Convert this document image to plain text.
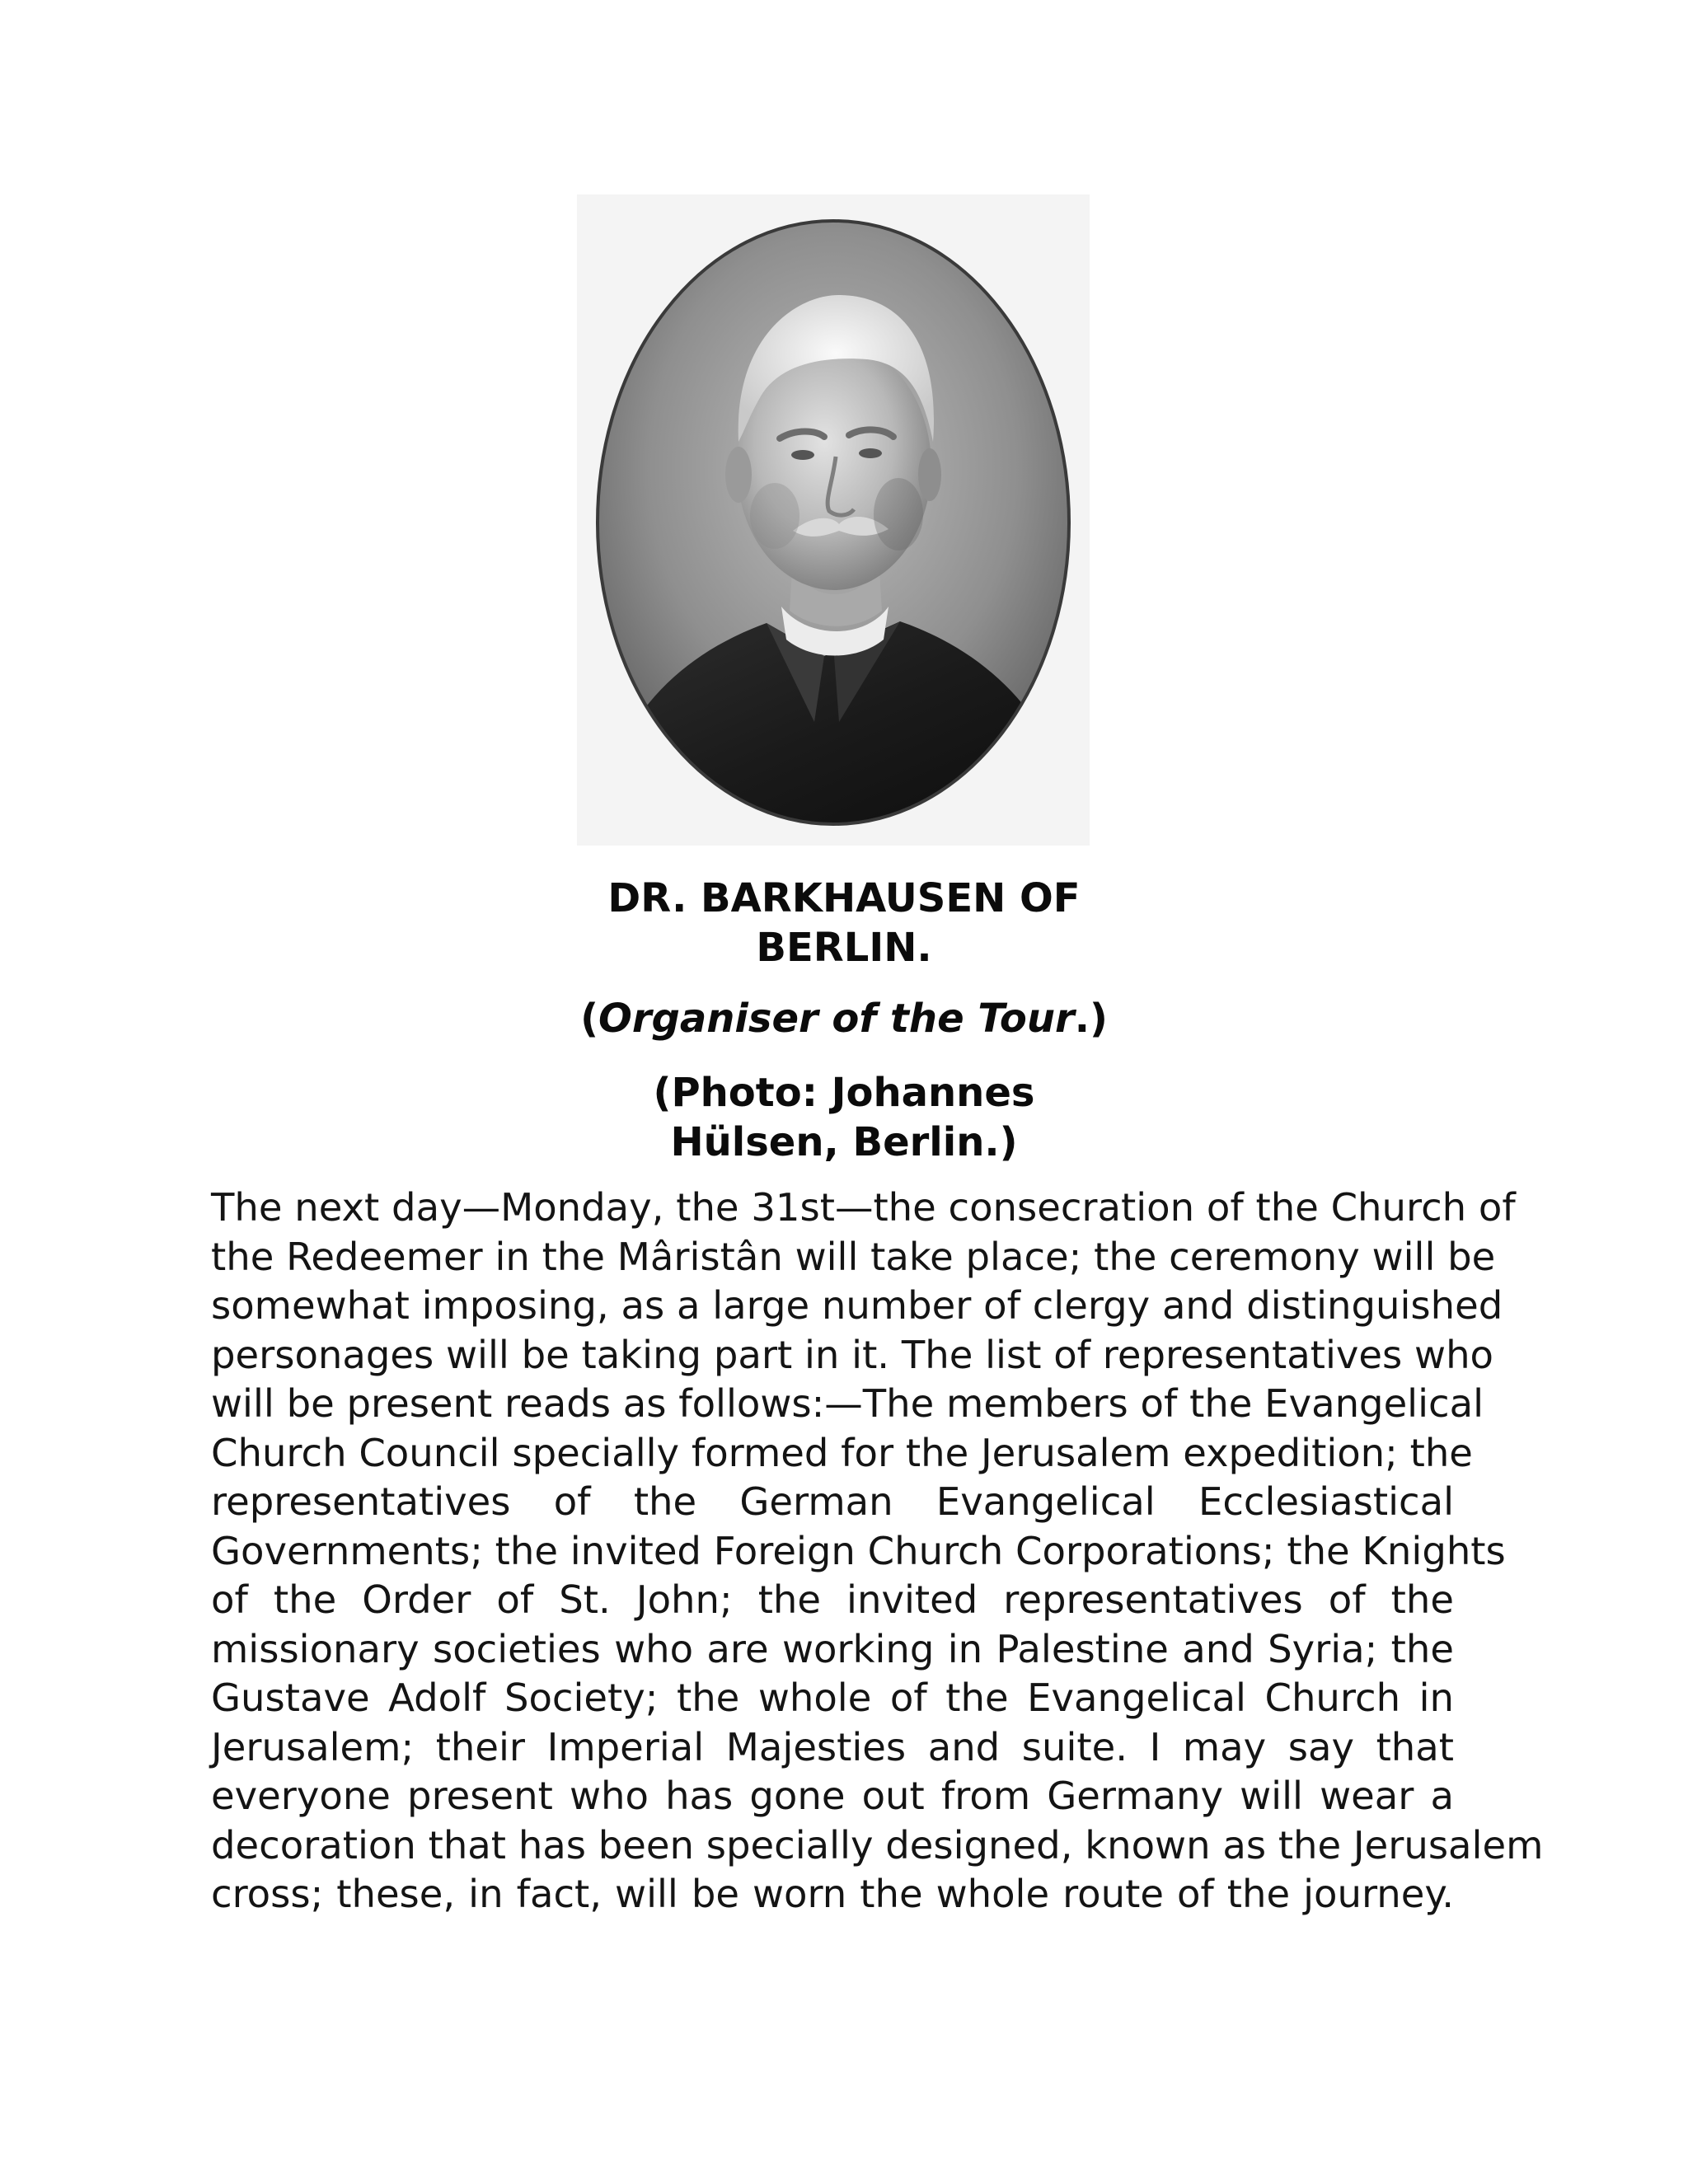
DR. BARKHAUSEN OF
BERLIN.
(Organiser of the Tour.)
(Photo: Johannes
Hülsen, Berlin.)
The next day—Monday, the 31st—the consecration of the Church of
the Redeemer in the Mâristân will take place; the ceremony will be
somewhat imposing, as a large number of clergy and distinguished
personages will be taking part in it. The list of representatives who
will be present reads as follows:—The members of the Evangelical
Church Council specially formed for the Jerusalem expedition; the
representatives of the German Evangelical Ecclesiastical
Governments; the invited Foreign Church Corporations; the Knights
of the Order of St. John; the invited representatives of the
missionary societies who are working in Palestine and Syria; the
Gustave Adolf Society; the whole of the Evangelical Church in
Jerusalem; their Imperial Majesties and suite. I may say that
everyone present who has gone out from Germany will wear a
decoration that has been specially designed, known as the Jerusalem
cross; these, in fact, will be worn the whole route of the journey.
